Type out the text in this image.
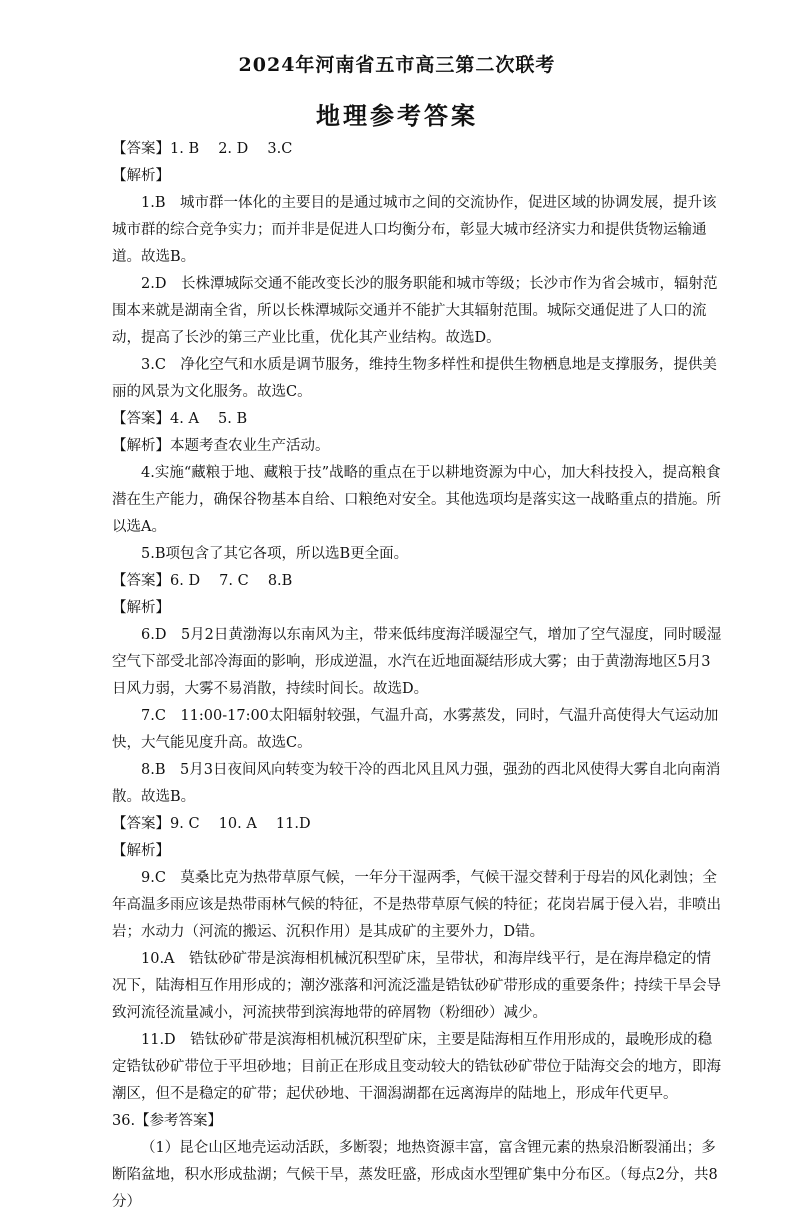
2024年河南省五市高三第二次联考
地理参考答案

【答案】1. B　 2. D　 3.C

【解析】

1.B　城市群一体化的主要目的是通过城市之间的交流协作，促进区域的协调发展，提升该城市群的综合竞争实力；而并非是促进人口均衡分布，彰显大城市经济实力和提供货物运输通道。故选B。

2.D　长株潭城际交通不能改变长沙的服务职能和城市等级；长沙市作为省会城市，辐射范围本来就是湖南全省，所以长株潭城际交通并不能扩大其辐射范围。城际交通促进了人口的流动，提高了长沙的第三产业比重，优化其产业结构。故选D。

3.C　净化空气和水质是调节服务，维持生物多样性和提供生物栖息地是支撑服务，提供美丽的风景为文化服务。故选C。

【答案】4. A　 5. B

【解析】本题考查农业生产活动。

4.实施“藏粮于地、藏粮于技”战略的重点在于以耕地资源为中心，加大科技投入，提高粮食潜在生产能力，确保谷物基本自给、口粮绝对安全。其他选项均是落实这一战略重点的措施。所以选A。

5.B项包含了其它各项，所以选B更全面。

【答案】6. D　 7. C　 8.B

【解析】

6.D　5月2日黄渤海以东南风为主，带来低纬度海洋暖湿空气，增加了空气湿度，同时暖湿空气下部受北部冷海面的影响，形成逆温，水汽在近地面凝结形成大雾；由于黄渤海地区5月3日风力弱，大雾不易消散，持续时间长。故选D。

7.C　11:00-17:00太阳辐射较强，气温升高，水雾蒸发，同时，气温升高使得大气运动加快，大气能见度升高。故选C。

8.B　5月3日夜间风向转变为较干冷的西北风且风力强，强劲的西北风使得大雾自北向南消散。故选B。

【答案】9. C　 10. A　 11.D

【解析】

9.C　莫桑比克为热带草原气候，一年分干湿两季，气候干湿交替利于母岩的风化剥蚀；全年高温多雨应该是热带雨林气候的特征，不是热带草原气候的特征；花岗岩属于侵入岩，非喷出岩；水动力（河流的搬运、沉积作用）是其成矿的主要外力，D错。

10.A　锆钛砂矿带是滨海相机械沉积型矿床，呈带状，和海岸线平行，是在海岸稳定的情况下，陆海相互作用形成的；潮汐涨落和河流泛滥是锆钛砂矿带形成的重要条件；持续干旱会导致河流径流量减小，河流挟带到滨海地带的碎屑物（粉细砂）减少。

11.D　锆钛砂矿带是滨海相机械沉积型矿床，主要是陆海相互作用形成的，最晚形成的稳定锆钛砂矿带位于平坦砂地；目前正在形成且变动较大的锆钛砂矿带位于陆海交会的地方，即海潮区，但不是稳定的矿带；起伏砂地、干涸潟湖都在远离海岸的陆地上，形成年代更早。

36.【参考答案】

（1）昆仑山区地壳运动活跃，多断裂；地热资源丰富，富含锂元素的热泉沿断裂涌出；多断陷盆地，积水形成盐湖；气候干旱，蒸发旺盛，形成卤水型锂矿集中分布区。（每点2分，共8分）
